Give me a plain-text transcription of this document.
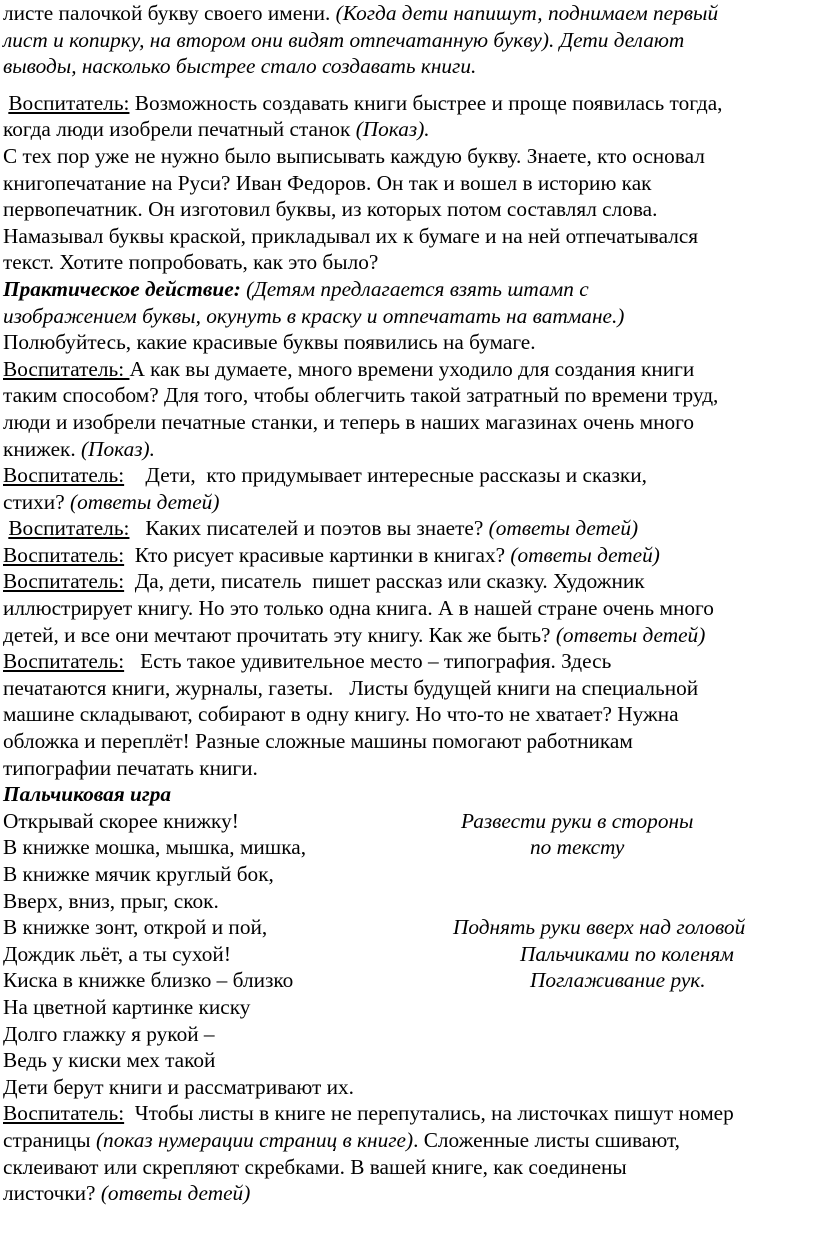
листе палочкой букву своего имени. (Когда дети напишут, поднимаем первый

лист и копирку, на втором они видят отпечатанную букву). Дети делают

выводы, насколько быстрее стало создавать книги.

Воспитатель: Возможность создавать книги быстрее и проще появилась тогда,

когда люди изобрели печатный станок (Показ).

С тех пор уже не нужно было выписывать каждую букву. Знаете, кто основал

книгопечатание на Руси? Иван Федоров. Он так и вошел в историю как

первопечатник. Он изготовил буквы, из которых потом составлял слова.

Намазывал буквы краской, прикладывал их к бумаге и на ней отпечатывался

текст. Хотите попробовать, как это было?

Практическое действие: (Детям предлагается взять штамп с

изображением буквы, окунуть в краску и отпечатать на ватмане.)

Полюбуйтесь, какие красивые буквы появились на бумаге.

Воспитатель: А как вы думаете, много времени уходило для создания книги

таким способом? Для того, чтобы облегчить такой затратный по времени труд,

люди и изобрели печатные станки, и теперь в наших магазинах очень много

книжек. (Показ).

Воспитатель:    Дети,  кто придумывает интересные рассказы и сказки,

стихи? (ответы детей)

Воспитатель:   Каких писателей и поэтов вы знаете? (ответы детей)

Воспитатель:  Кто рисует красивые картинки в книгах? (ответы детей)

Воспитатель:  Да, дети, писатель  пишет рассказ или сказку. Художник

иллюстрирует книгу. Но это только одна книга. А в нашей стране очень много

детей, и все они мечтают прочитать эту книгу. Как же быть? (ответы детей)

Воспитатель:   Есть такое удивительное место – типография. Здесь

печатаются книги, журналы, газеты.   Листы будущей книги на специальной

машине складывают, собирают в одну книгу. Но что-то не хватает? Нужна

обложка и переплёт! Разные сложные машины помогают работникам

типографии печатать книги.

Пальчиковая игра

Открывай скорее книжку!	Развести руки в стороны
В книжке мошка, мышка, мишка,	по тексту
В книжке мячик круглый бок,
Вверх, вниз, прыг, скок.
В книжке зонт, открой и пой,	Поднять руки вверх над головой
Дождик льёт, а ты сухой!	Пальчиками по коленям
Киска в книжке близко – близко	Поглаживание рук.
На цветной картинке киску
Долго глажку я рукой –
Ведь у киски мех такой

Дети берут книги и рассматривают их.

Воспитатель:  Чтобы листы в книге не перепутались, на листочках пишут номер

страницы (показ нумерации страниц в книге). Сложенные листы сшивают,

склеивают или скрепляют скребками. В вашей книге, как соединены

листочки? (ответы детей)
